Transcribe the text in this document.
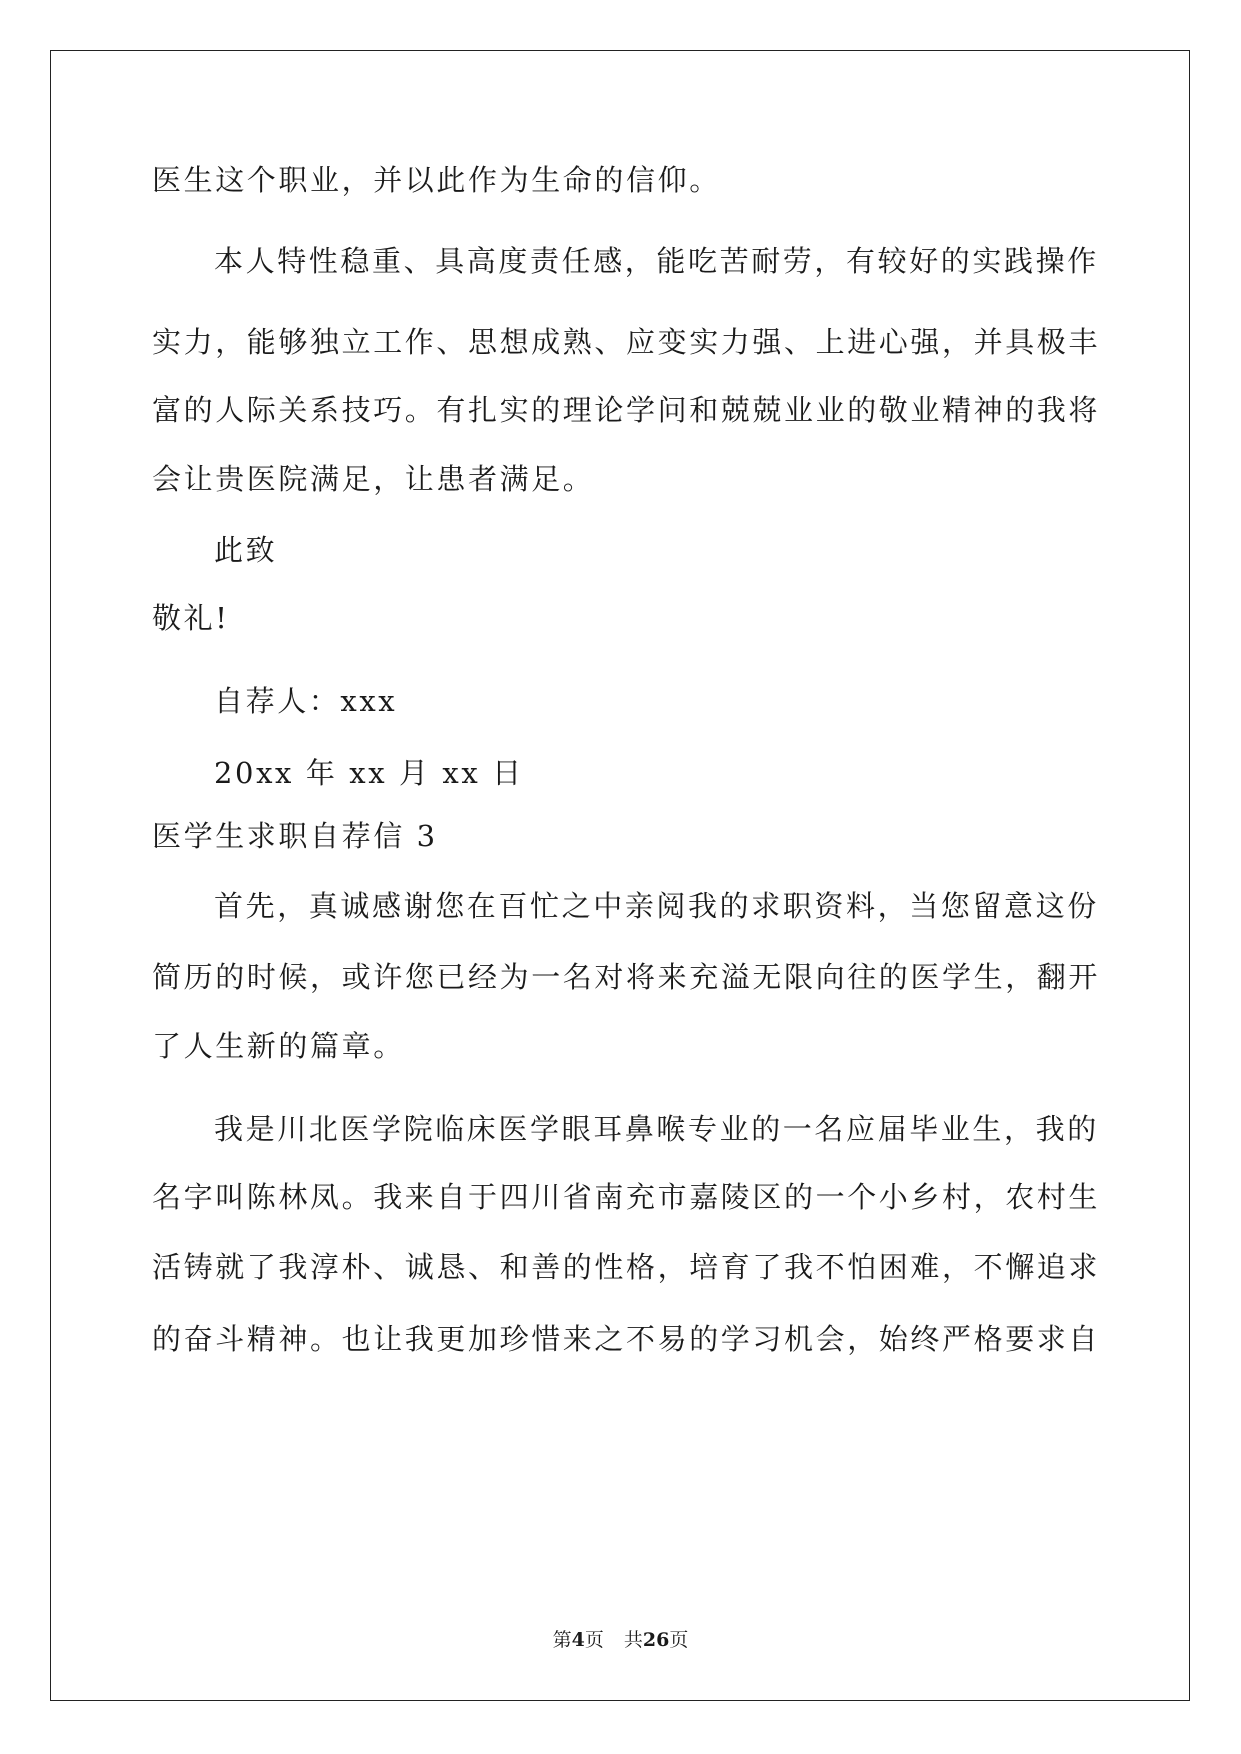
医生这个职业，并以此作为生命的信仰。
本人特性稳重、具高度责任感，能吃苦耐劳，有较好的实践操作
实力，能够独立工作、思想成熟、应变实力强、上进心强，并具极丰
富的人际关系技巧。有扎实的理论学问和兢兢业业的敬业精神的我将
会让贵医院满足，让患者满足。
此致
敬礼!
自荐人：xxx
20xx 年 xx 月 xx 日
医学生求职自荐信 3
首先，真诚感谢您在百忙之中亲阅我的求职资料，当您留意这份
简历的时候，或许您已经为一名对将来充溢无限向往的医学生，翻开
了人生新的篇章。
我是川北医学院临床医学眼耳鼻喉专业的一名应届毕业生，我的
名字叫陈林凤。我来自于四川省南充市嘉陵区的一个小乡村，农村生
活铸就了我淳朴、诚恳、和善的性格，培育了我不怕困难，不懈追求
的奋斗精神。也让我更加珍惜来之不易的学习机会，始终严格要求自
第4页 共26页
